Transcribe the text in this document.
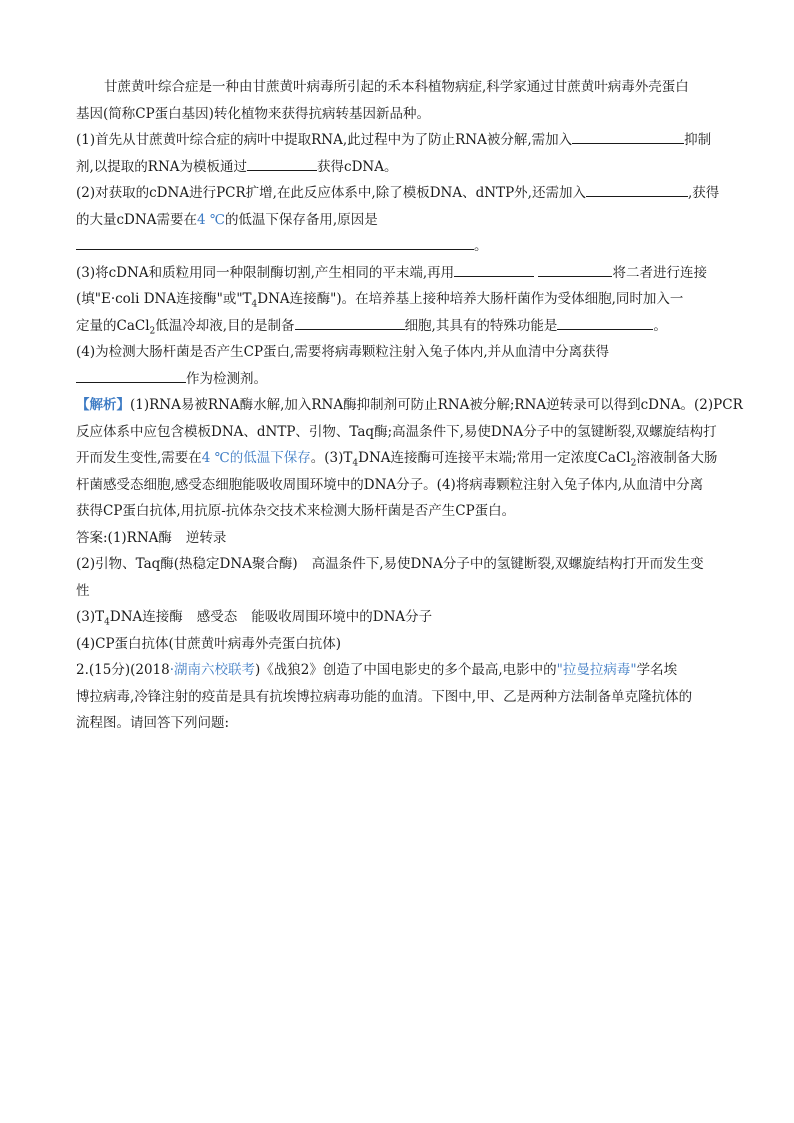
甘蔗黄叶综合症是一种由甘蔗黄叶病毒所引起的禾本科植物病症,科学家通过甘蔗黄叶病毒外壳蛋白
基因(简称CP蛋白基因)转化植物来获得抗病转基因新品种。
(1)首先从甘蔗黄叶综合症的病叶中提取RNA,此过程中为了防止RNA被分解,需加入	抑制
剂,以提取的RNA为模板通过	获得cDNA。
(2)对获取的cDNA进行PCR扩增,在此反应体系中,除了模板DNA、dNTP外,还需加入	,获得
的大量cDNA需要在4 ℃的低温下保存备用,原因是
。
(3)将cDNA和质粒用同一种限制酶切割,产生相同的平末端,再用	将二者进行连接
(填"E·coli DNA连接酶"或"$T_4DNA$连接酶")。在培养基上接种培养大肠杆菌作为受体细胞,同时加入一
定量的CaCl$_2$低温冷却液,目的是制备	细胞,其具有的特殊功能是	。
(4)为检测大肠杆菌是否产生CP蛋白,需要将病毒颗粒注射入兔子体内,并从血清中分离获得
作为检测剂。
【解析】(1)RNA易被RNA酶水解,加入RNA酶抑制剂可防止RNA被分解;RNA逆转录可以得到cDNA。(2)PCR
反应体系中应包含模板DNA、dNTP、引物、Taq酶;高温条件下,易使DNA分子中的氢键断裂,双螺旋结构打
开而发生变性,需要在4 ℃的低温下保存。$(3)T_4DNA$连接酶可连接平末端;常用一定浓度CaCl$_2$溶液制备大肠
杆菌感受态细胞,感受态细胞能吸收周围环境中的DNA分子。(4)将病毒颗粒注射入兔子体内,从血清中分离
获得CP蛋白抗体,用抗原-抗体杂交技术来检测大肠杆菌是否产生CP蛋白。
答案:(1)RNA酶 逆转录
(2)引物、Taq酶(热稳定DNA聚合酶) 高温条件下,易使DNA分子中的氢键断裂,双螺旋结构打开而发生变
性
$(3)T_4DNA$连接酶 感受态 能吸收周围环境中的DNA分子
(4)CP蛋白抗体(甘蔗黄叶病毒外壳蛋白抗体)
2.(15分)(2018·湖南六校联考)《战狼2》创造了中国电影史的多个最高,电影中的"拉曼拉病毒"学名埃
博拉病毒,冷锋注射的疫苗是具有抗埃博拉病毒功能的血清。下图中,甲、乙是两种方法制备单克隆抗体的
流程图。请回答下列问题:
